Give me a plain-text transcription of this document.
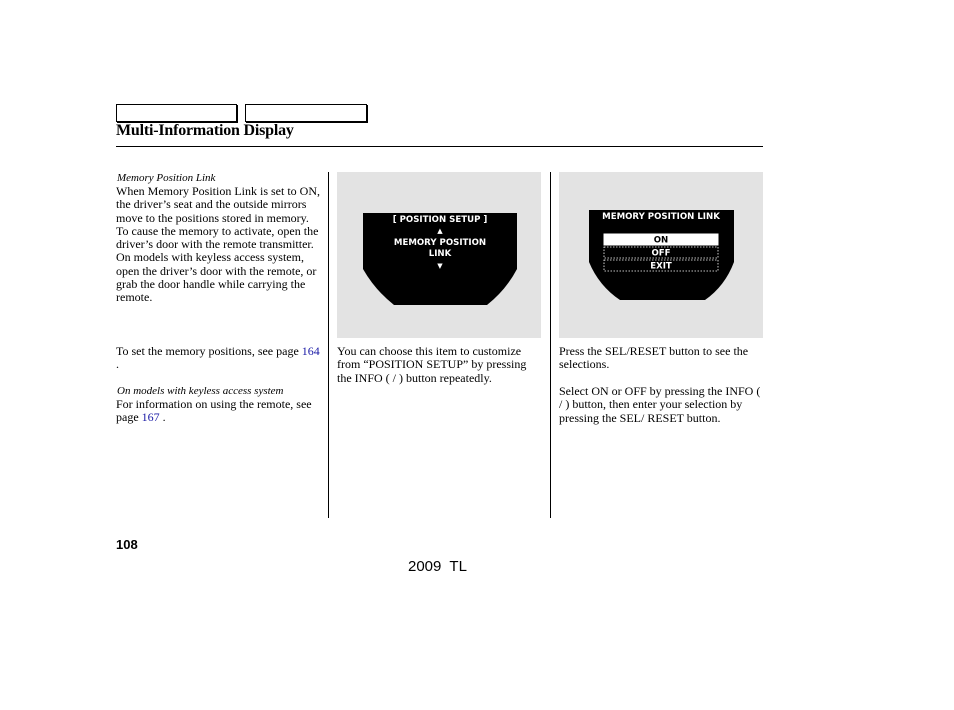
Multi-Information Display
Memory Position Link
When Memory Position Link is set to ON, the driver’s seat and the outside mirrors move to the positions stored in memory. To cause the memory to activate, open the driver’s door with the remote transmitter. On models with keyless access system, open the driver’s door with the remote, or grab the door handle while carrying the remote.
To set the memory positions, see page 164 .
On models with keyless access system
For information on using the remote, see page 167 .
[ POSITION SETUP ]
▲
MEMORY POSITION
LINK
▼
You can choose this item to customize from “POSITION SETUP” by pressing the INFO ( / ) button repeatedly.
MEMORY POSITION LINK
ON
OFF
EXIT
Press the SEL/RESET button to see the selections.
Select ON or OFF by pressing the INFO ( / ) button, then enter your selection by pressing the SEL/ RESET button.
108
2009  TL
